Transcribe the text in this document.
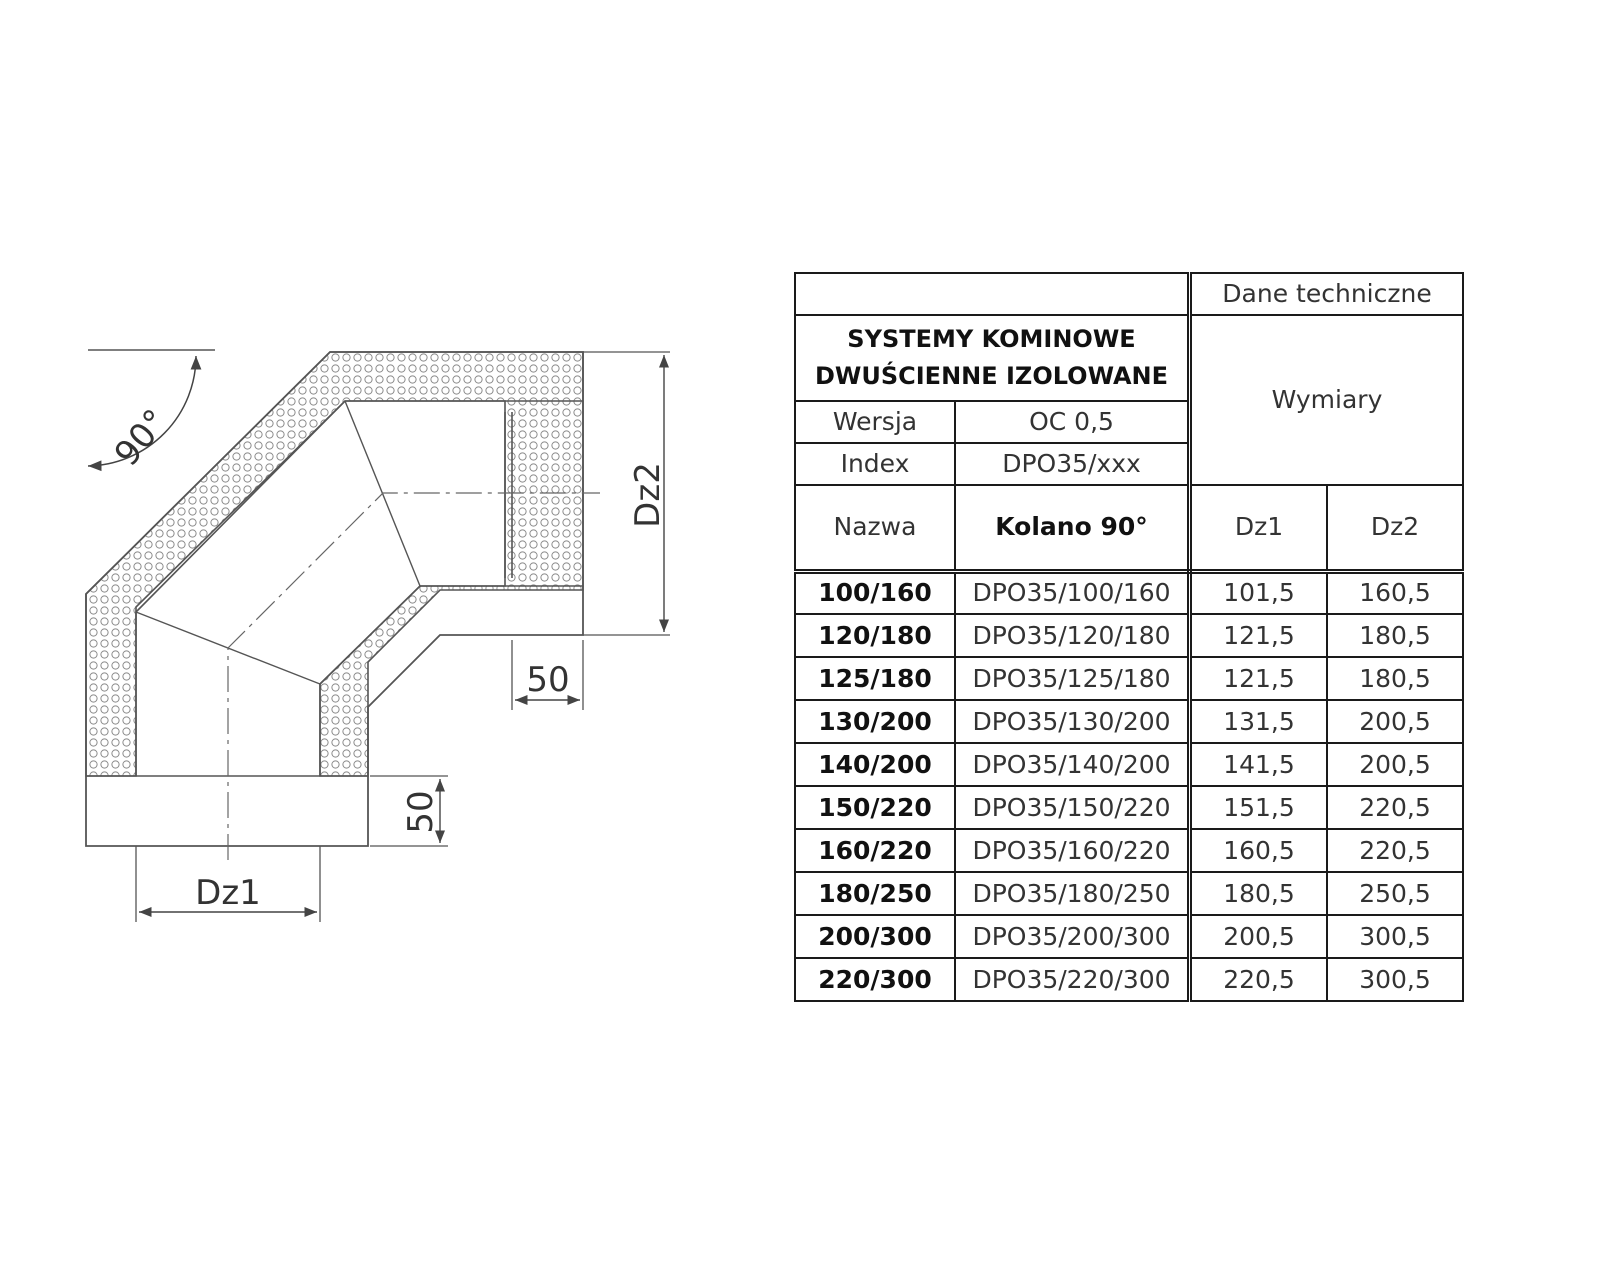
90°
Dz2
50
50
Dz1
		Dane techniczne	

SYSTEMY KOMINOWE
DWUŚCIENNE IZOLOWANE		Wymiary	
Wersja	OC 0,5		
Index	DPO35/xxx		
Nazwa	Kolano 90°	Dz1	Dz2
100/160	DPO35/100/160	101,5	160,5
120/180	DPO35/120/180	121,5	180,5
125/180	DPO35/125/180	121,5	180,5
130/200	DPO35/130/200	131,5	200,5
140/200	DPO35/140/200	141,5	200,5
150/220	DPO35/150/220	151,5	220,5
160/220	DPO35/160/220	160,5	220,5
180/250	DPO35/180/250	180,5	250,5
200/300	DPO35/200/300	200,5	300,5
220/300	DPO35/220/300	220,5	300,5
